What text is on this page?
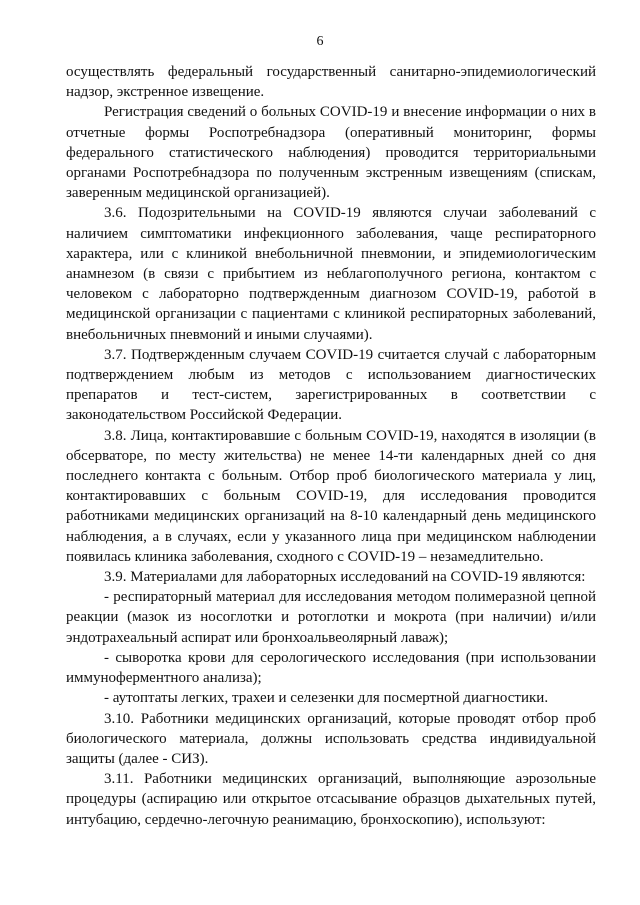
6

осуществлять федеральный государственный санитарно-эпидемиологический надзор, экстренное извещение.

Регистрация сведений о больных COVID-19 и внесение информации о них в отчетные формы Роспотребнадзора (оперативный мониторинг, формы федерального статистического наблюдения) проводится территориальными органами Роспотребнадзора по полученным экстренным извещениям (спискам, заверенным медицинской организацией).

3.6. Подозрительными на COVID-19 являются случаи заболеваний с наличием симптоматики инфекционного заболевания, чаще респираторного характера, или с клиникой внебольничной пневмонии, и эпидемиологическим анамнезом (в связи с прибытием из неблагополучного региона, контактом с человеком с лабораторно подтвержденным диагнозом COVID-19, работой в медицинской организации с пациентами с клиникой респираторных заболеваний, внебольничных пневмоний и иными случаями).

3.7. Подтвержденным случаем COVID-19 считается случай с лабораторным подтверждением любым из методов с использованием диагностических препаратов и тест-систем, зарегистрированных в соответствии с законодательством Российской Федерации.

3.8. Лица, контактировавшие с больным COVID-19, находятся в изоляции (в обсерваторе, по месту жительства) не менее 14-ти календарных дней со дня последнего контакта с больным. Отбор проб биологического материала у лиц, контактировавших с больным COVID-19, для исследования проводится работниками медицинских организаций на 8-10 календарный день медицинского наблюдения, а в случаях, если у указанного лица при медицинском наблюдении появилась клиника заболевания, сходного с COVID-19 – незамедлительно.

3.9. Материалами для лабораторных исследований на COVID-19 являются:

- респираторный материал для исследования методом полимеразной цепной реакции (мазок из носоглотки и ротоглотки и мокрота (при наличии) и/или эндотрахеальный аспират или бронхоальвеолярный лаваж);

- сыворотка крови для серологического исследования (при использовании иммуноферментного анализа);

- аутоптаты легких, трахеи и селезенки для посмертной диагностики.

3.10. Работники медицинских организаций, которые проводят отбор проб биологического материала, должны использовать средства индивидуальной защиты (далее - СИЗ).

3.11. Работники медицинских организаций, выполняющие аэрозольные процедуры (аспирацию или открытое отсасывание образцов дыхательных путей, интубацию, сердечно-легочную реанимацию, бронхоскопию), используют:
